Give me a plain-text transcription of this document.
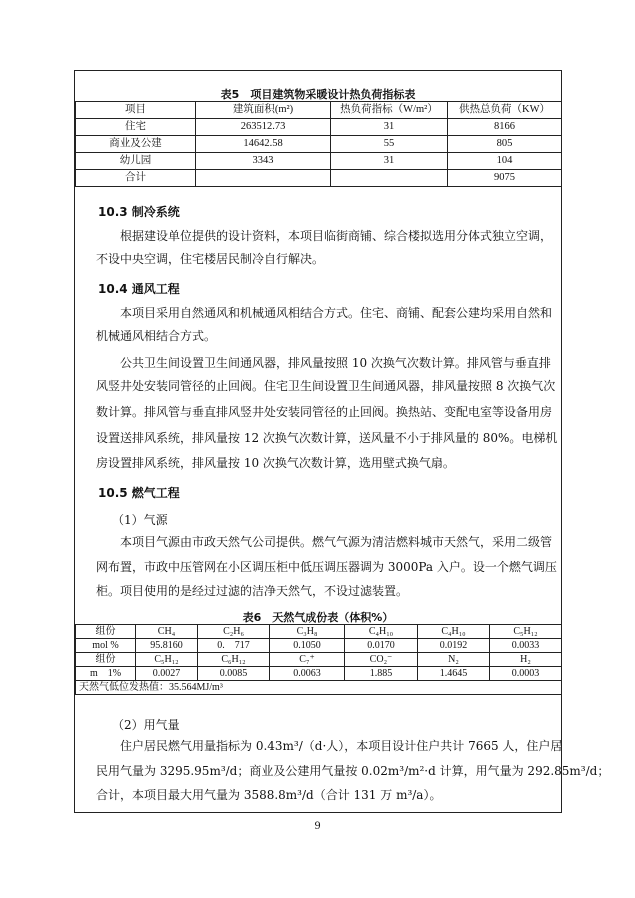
表5　项目建筑物采暖设计热负荷指标表
项目	建筑面积(m²)	热负荷指标（W/m²）	供热总负荷（KW）
住宅	263512.73	31	8166
商业及公建	14642.58	55	805
幼儿园	3343	31	104
合计			9075
10.3 制冷系统
根据建设单位提供的设计资料，本项目临街商铺、综合楼拟选用分体式独立空调，
不设中央空调，住宅楼居民制冷自行解决。
10.4 通风工程
本项目采用自然通风和机械通风相结合方式。住宅、商铺、配套公建均采用自然和
机械通风相结合方式。
公共卫生间设置卫生间通风器，排风量按照 10 次换气次数计算。排风管与垂直排
风竖井处安装同管径的止回阀。住宅卫生间设置卫生间通风器，排风量按照 8 次换气次
数计算。排风管与垂直排风竖井处安装同管径的止回阀。换热站、变配电室等设备用房
设置送排风系统，排风量按 12 次换气次数计算，送风量不小于排风量的 80%。电梯机
房设置排风系统，排风量按 10 次换气次数计算，选用壁式换气扇。
10.5 燃气工程
（1）气源
本项目气源由市政天然气公司提供。燃气气源为清洁燃料城市天然气，采用二级管
网布置，市政中压管网在小区调压柜中低压调压器调为 3000Pa 入户。设一个燃气调压
柜。项目使用的是经过过滤的洁净天然气，不设过滤装置。
表6　天然气成份表（体积%）
组份	CH₄	C₂H₆	C₃H₈	C₄H₁₀	C₄H₁₀	C₅H₁₂
mol %	95.8160	0.　717	0.1050	0.0170	0.0192	0.0033
组份	C₅H₁₂	C₆H₁₂	C₇⁺	CO₂⁻	N₂	H₂
m　1%	0.0027	0.0085	0.0063	1.885	1.4645	0.0003
天然气低位发热值：35.564MJ/m³						
（2）用气量
住户居民燃气用量指标为 0.43m³/（d·人），本项目设计住户共计 7665 人，住户居
民用气量为 3295.95m³/d；商业及公建用气量按 0.02m³/m²·d 计算，用气量为 292.85m³/d；
合计，本项目最大用气量为 3588.8m³/d（合计 131 万 m³/a）。
9
